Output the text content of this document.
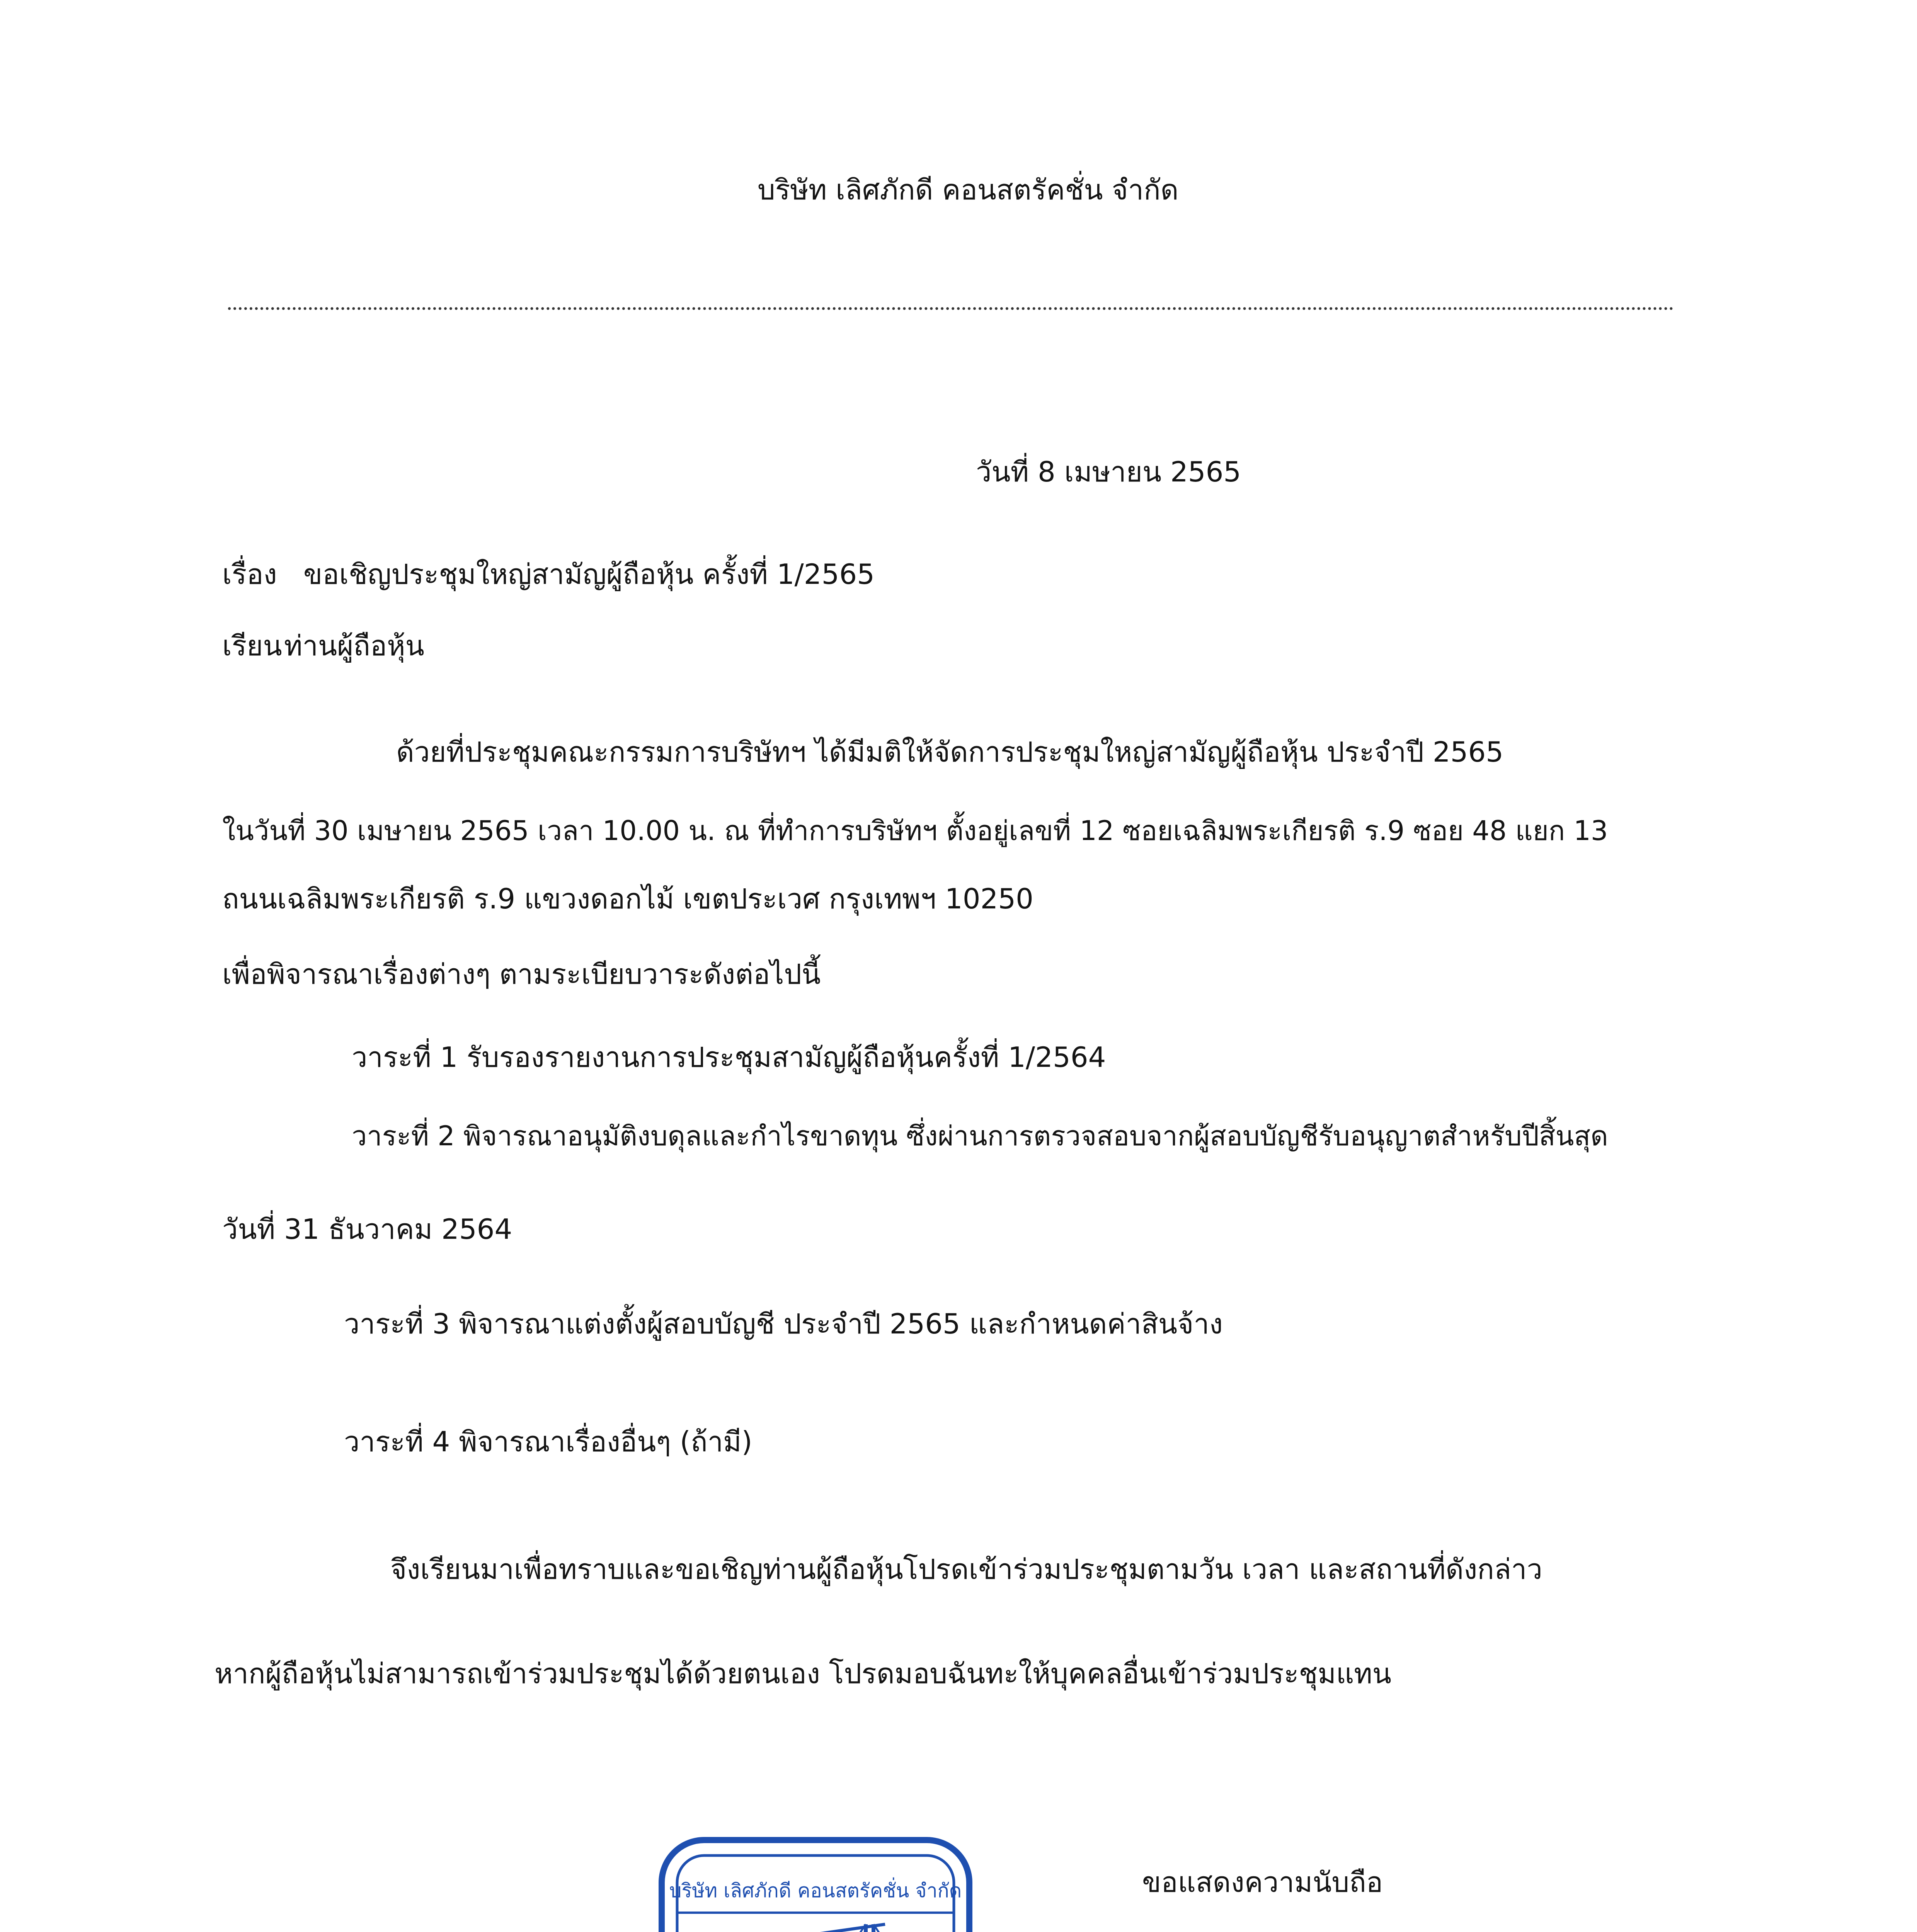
บริษัท เลิศภักดี คอนสตรัคชั่น จำกัด
วันที่ 8 เมษายน 2565
เรื่อง ขอเชิญประชุมใหญ่สามัญผู้ถือหุ้น ครั้งที่ 1/2565
เรียนท่านผู้ถือหุ้น
ด้วยที่ประชุมคณะกรรมการบริษัทฯ ได้มีมติให้จัดการประชุมใหญ่สามัญผู้ถือหุ้น ประจำปี 2565
ในวันที่ 30 เมษายน 2565 เวลา 10.00 น. ณ ที่ทำการบริษัทฯ ตั้งอยู่เลขที่ 12 ซอยเฉลิมพระเกียรติ ร.9 ซอย 48 แยก 13
ถนนเฉลิมพระเกียรติ ร.9 แขวงดอกไม้ เขตประเวศ กรุงเทพฯ 10250
เพื่อพิจารณาเรื่องต่างๆ ตามระเบียบวาระดังต่อไปนี้
วาระที่ 1 รับรองรายงานการประชุมสามัญผู้ถือหุ้นครั้งที่ 1/2564
วาระที่ 2 พิจารณาอนุมัติงบดุลและกำไรขาดทุน ซึ่งผ่านการตรวจสอบจากผู้สอบบัญชีรับอนุญาตสำหรับปีสิ้นสุด
วันที่ 31 ธันวาคม 2564
วาระที่ 3 พิจารณาแต่งตั้งผู้สอบบัญชี ประจำปี 2565 และกำหนดค่าสินจ้าง
วาระที่ 4 พิจารณาเรื่องอื่นๆ (ถ้ามี)
จึงเรียนมาเพื่อทราบและขอเชิญท่านผู้ถือหุ้นโปรดเข้าร่วมประชุมตามวัน เวลา และสถานที่ดังกล่าว
หากผู้ถือหุ้นไม่สามารถเข้าร่วมประชุมได้ด้วยตนเอง โปรดมอบฉันทะให้บุคคลอื่นเข้าร่วมประชุมแทน
บริษัท เลิศภักดี คอนสตรัคชั่น จำกัด	ขอแสดงความนับถือ
